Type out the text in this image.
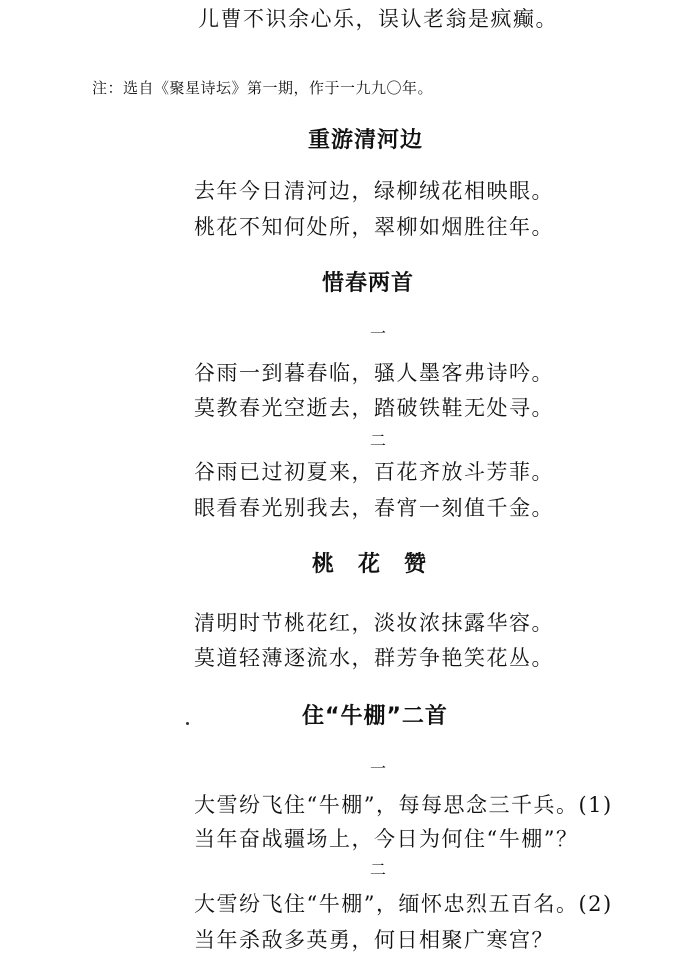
儿曹不识余心乐，误认老翁是疯癫。
注：选自《聚星诗坛》第一期，作于一九九〇年。
重游清河边
去年今日清河边，绿柳绒花相映眼。
桃花不知何处所，翠柳如烟胜往年。
惜春两首
一
谷雨一到暮春临，骚人墨客弗诗吟。
莫教春光空逝去，踏破铁鞋无处寻。
二
谷雨已过初夏来，百花齐放斗芳菲。
眼看春光别我去，春宵一刻值千金。
桃　花　赞
清明时节桃花红，淡妆浓抹露华容。
莫道轻薄逐流水，群芳争艳笑花丛。
住“牛棚”二首
一
大雪纷飞住“牛棚”，每每思念三千兵。(1)
当年奋战疆场上，今日为何住“牛棚”？
二
大雪纷飞住“牛棚”，缅怀忠烈五百名。(2)
当年杀敌多英勇，何日相聚广寒宫？
